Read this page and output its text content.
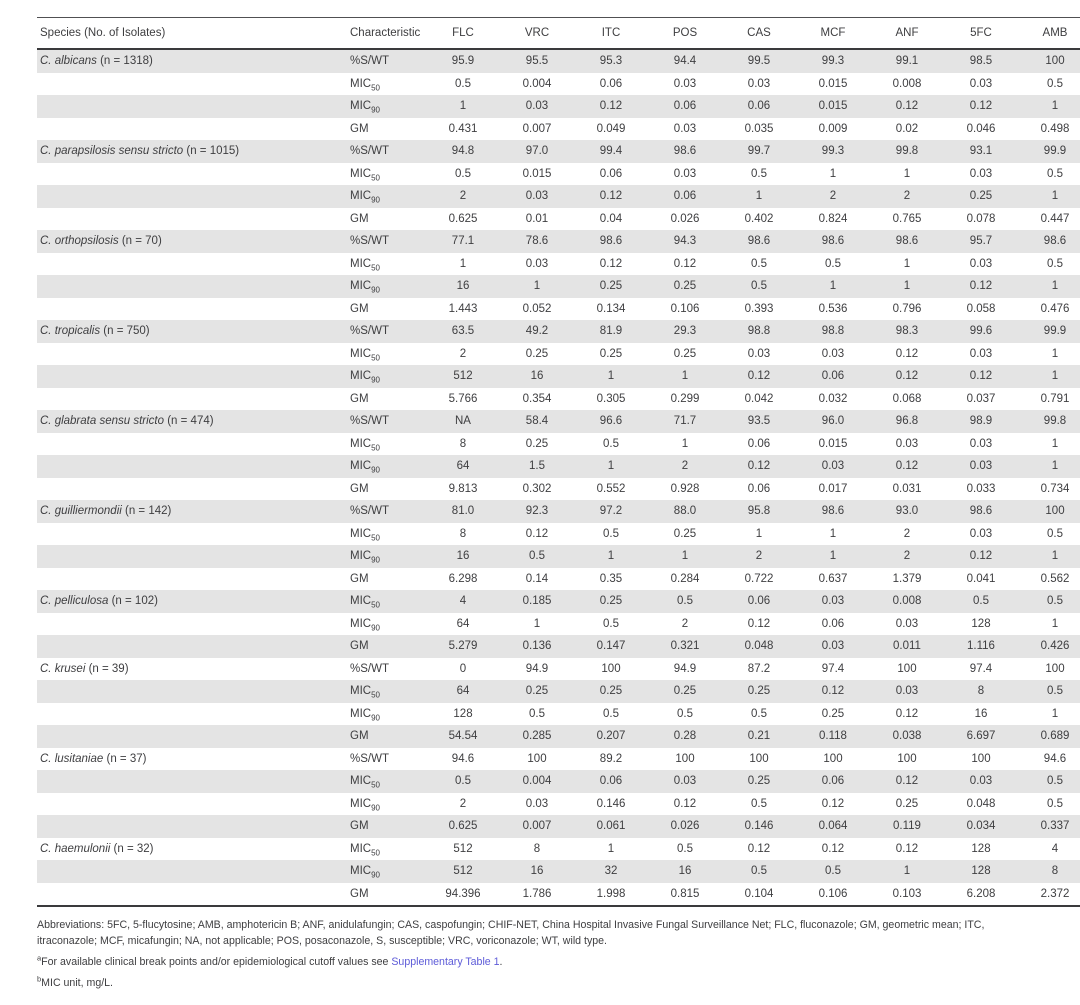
Species (No. of Isolates)	Characteristic	FLC	VRC	ITC	POS	CAS	MCF	ANF	5FC	AMB
C. albicans (n = 1318)	%S/WT	95.9	95.5	95.3	94.4	99.5	99.3	99.1	98.5	100
	$MIC_{50}$	0.5	0.004	0.06	0.03	0.03	0.015	0.008	0.03	0.5
	$MIC_{90}$	1	0.03	0.12	0.06	0.06	0.015	0.12	0.12	1
	GM	0.431	0.007	0.049	0.03	0.035	0.009	0.02	0.046	0.498
C. parapsilosis sensu stricto (n = 1015)	%S/WT	94.8	97.0	99.4	98.6	99.7	99.3	99.8	93.1	99.9
	$MIC_{50}$	0.5	0.015	0.06	0.03	0.5	1	1	0.03	0.5
	$MIC_{90}$	2	0.03	0.12	0.06	1	2	2	0.25	1
	GM	0.625	0.01	0.04	0.026	0.402	0.824	0.765	0.078	0.447
C. orthopsilosis (n = 70)	%S/WT	77.1	78.6	98.6	94.3	98.6	98.6	98.6	95.7	98.6
	$MIC_{50}$	1	0.03	0.12	0.12	0.5	0.5	1	0.03	0.5
	$MIC_{90}$	16	1	0.25	0.25	0.5	1	1	0.12	1
	GM	1.443	0.052	0.134	0.106	0.393	0.536	0.796	0.058	0.476
C. tropicalis (n = 750)	%S/WT	63.5	49.2	81.9	29.3	98.8	98.8	98.3	99.6	99.9
	$MIC_{50}$	2	0.25	0.25	0.25	0.03	0.03	0.12	0.03	1
	$MIC_{90}$	512	16	1	1	0.12	0.06	0.12	0.12	1
	GM	5.766	0.354	0.305	0.299	0.042	0.032	0.068	0.037	0.791
C. glabrata sensu stricto (n = 474)	%S/WT	NA	58.4	96.6	71.7	93.5	96.0	96.8	98.9	99.8
	$MIC_{50}$	8	0.25	0.5	1	0.06	0.015	0.03	0.03	1
	$MIC_{90}$	64	1.5	1	2	0.12	0.03	0.12	0.03	1
	GM	9.813	0.302	0.552	0.928	0.06	0.017	0.031	0.033	0.734
C. guilliermondii (n = 142)	%S/WT	81.0	92.3	97.2	88.0	95.8	98.6	93.0	98.6	100
	$MIC_{50}$	8	0.12	0.5	0.25	1	1	2	0.03	0.5
	$MIC_{90}$	16	0.5	1	1	2	1	2	0.12	1
	GM	6.298	0.14	0.35	0.284	0.722	0.637	1.379	0.041	0.562
C. pelliculosa (n = 102)	$MIC_{50}$	4	0.185	0.25	0.5	0.06	0.03	0.008	0.5	0.5
	$MIC_{90}$	64	1	0.5	2	0.12	0.06	0.03	128	1
	GM	5.279	0.136	0.147	0.321	0.048	0.03	0.011	1.116	0.426
C. krusei (n = 39)	%S/WT	0	94.9	100	94.9	87.2	97.4	100	97.4	100
	$MIC_{50}$	64	0.25	0.25	0.25	0.25	0.12	0.03	8	0.5
	$MIC_{90}$	128	0.5	0.5	0.5	0.5	0.25	0.12	16	1
	GM	54.54	0.285	0.207	0.28	0.21	0.118	0.038	6.697	0.689
C. lusitaniae (n = 37)	%S/WT	94.6	100	89.2	100	100	100	100	100	94.6
	$MIC_{50}$	0.5	0.004	0.06	0.03	0.25	0.06	0.12	0.03	0.5
	$MIC_{90}$	2	0.03	0.146	0.12	0.5	0.12	0.25	0.048	0.5
	GM	0.625	0.007	0.061	0.026	0.146	0.064	0.119	0.034	0.337
C. haemulonii (n = 32)	$MIC_{50}$	512	8	1	0.5	0.12	0.12	0.12	128	4
	$MIC_{90}$	512	16	32	16	0.5	0.5	1	128	8
	GM	94.396	1.786	1.998	0.815	0.104	0.106	0.103	6.208	2.372

Abbreviations: 5FC, 5-flucytosine; AMB, amphotericin B; ANF, anidulafungin; CAS, caspofungin; CHIF-NET, China Hospital Invasive Fungal Surveillance Net; FLC, fluconazole; GM, geometric mean; ITC, itraconazole; MCF, micafungin; NA, not applicable; POS, posaconazole, S, susceptible; VRC, voriconazole; WT, wild type.

$^a$For available clinical break points and/or epidemiological cutoff values see Supplementary Table 1.

$^b$MIC unit, mg/L.
